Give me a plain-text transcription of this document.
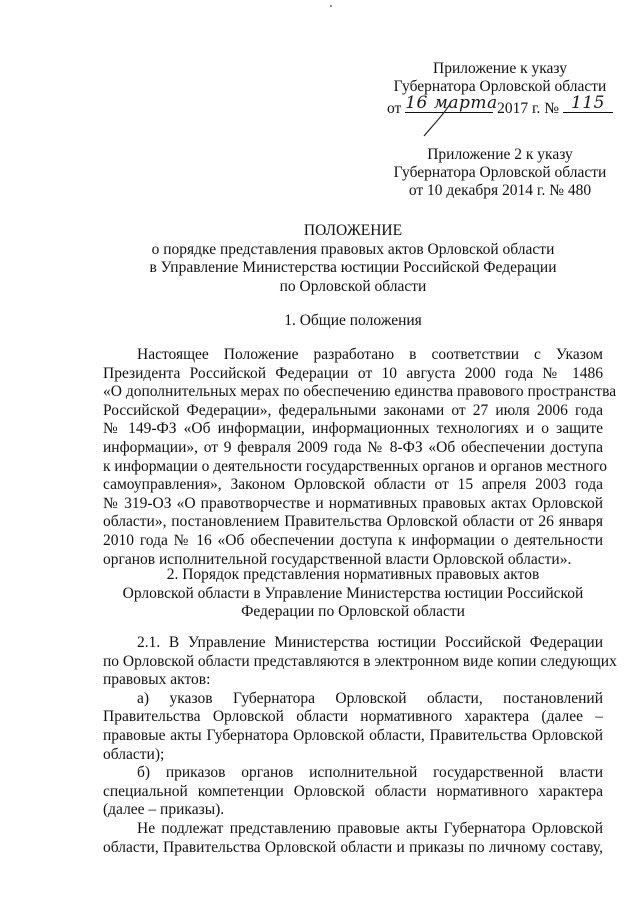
Приложение к указу
Губернатора Орловской области
от 16 марта 2017 г. № 115
Приложение 2 к указу
Губернатора Орловской области
от 10 декабря 2014 г. № 480
ПОЛОЖЕНИЕ
о порядке представления правовых актов Орловской области
в Управление Министерства юстиции Российской Федерации
по Орловской области
1. Общие положения
Настоящее Положение разработано в соответствии с Указом
Президента Российской Федерации от 10 августа 2000 года № 1486
«О дополнительных мерах по обеспечению единства правового пространства
Российской Федерации», федеральными законами от 27 июля 2006 года
№ 149-ФЗ «Об информации, информационных технологиях и о защите
информации», от 9 февраля 2009 года № 8-ФЗ «Об обеспечении доступа
к информации о деятельности государственных органов и органов местного
самоуправления», Законом Орловской области от 15 апреля 2003 года
№ 319-ОЗ «О правотворчестве и нормативных правовых актах Орловской
области», постановлением Правительства Орловской области от 26 января
2010 года № 16 «Об обеспечении доступа к информации о деятельности
органов исполнительной государственной власти Орловской области».
2. Порядок представления нормативных правовых актов
Орловской области в Управление Министерства юстиции Российской
Федерации по Орловской области
2.1. В Управление Министерства юстиции Российской Федерации
по Орловской области представляются в электронном виде копии следующих
правовых актов:
а) указов Губернатора Орловской области, постановлений
Правительства Орловской области нормативного характера (далее –
правовые акты Губернатора Орловской области, Правительства Орловской
области);
б) приказов органов исполнительной государственной власти
специальной компетенции Орловской области нормативного характера
(далее – приказы).
Не подлежат представлению правовые акты Губернатора Орловской
области, Правительства Орловской области и приказы по личному составу,
